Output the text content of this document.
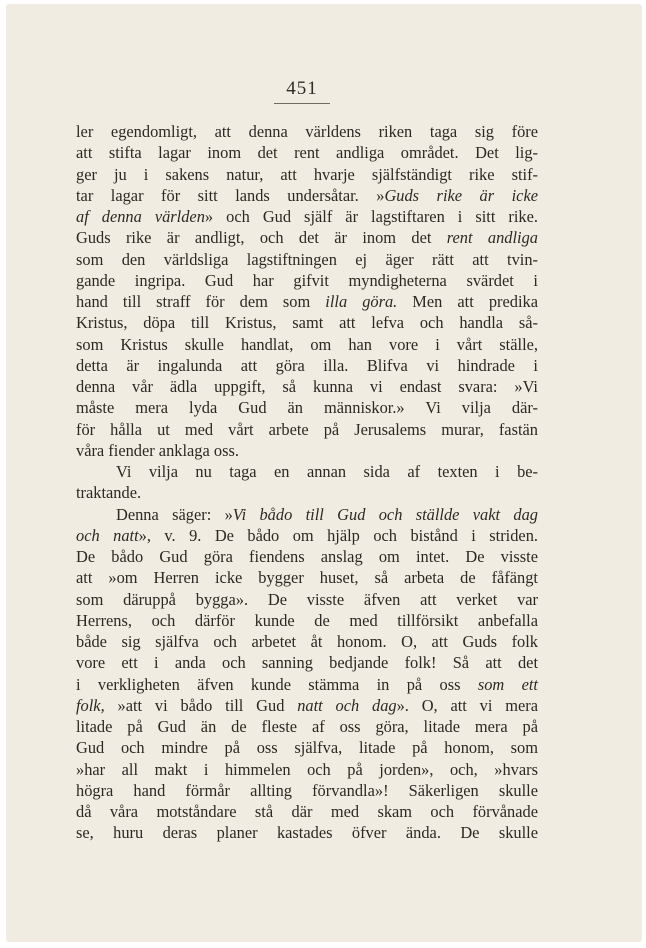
451
ler egendomligt, att denna världens riken taga sig före
att stifta lagar inom det rent andliga området. Det lig-
ger ju i sakens natur, att hvarje själfständigt rike stif-
tar lagar för sitt lands undersåtar. »Guds rike är icke
af denna världen» och Gud själf är lagstiftaren i sitt rike.
Guds rike är andligt, och det är inom det rent andliga
som den världsliga lagstiftningen ej äger rätt att tvin-
gande ingripa. Gud har gifvit myndigheterna svärdet i
hand till straff för dem som illa göra. Men att predika
Kristus, döpa till Kristus, samt att lefva och handla så-
som Kristus skulle handlat, om han vore i vårt ställe,
detta är ingalunda att göra illa. Blifva vi hindrade i
denna vår ädla uppgift, så kunna vi endast svara: »Vi
måste mera lyda Gud än människor.» Vi vilja där-
för hålla ut med vårt arbete på Jerusalems murar, fastän
våra fiender anklaga oss.
Vi vilja nu taga en annan sida af texten i be-
traktande.
Denna säger: »Vi bådo till Gud och ställde vakt dag
och natt», v. 9. De bådo om hjälp och bistånd i striden.
De bådo Gud göra fiendens anslag om intet. De visste
att »om Herren icke bygger huset, så arbeta de fåfängt
som däruppå bygga». De visste äfven att verket var
Herrens, och därför kunde de med tillförsikt anbefalla
både sig själfva och arbetet åt honom. O, att Guds folk
vore ett i anda och sanning bedjande folk! Så att det
i verkligheten äfven kunde stämma in på oss som ett
folk, »att vi bådo till Gud natt och dag». O, att vi mera
litade på Gud än de fleste af oss göra, litade mera på
Gud och mindre på oss själfva, litade på honom, som
»har all makt i himmelen och på jorden», och, »hvars
högra hand förmår allting förvandla»! Säkerligen skulle
då våra motståndare stå där med skam och förvånade
se, huru deras planer kastades öfver ända. De skulle
